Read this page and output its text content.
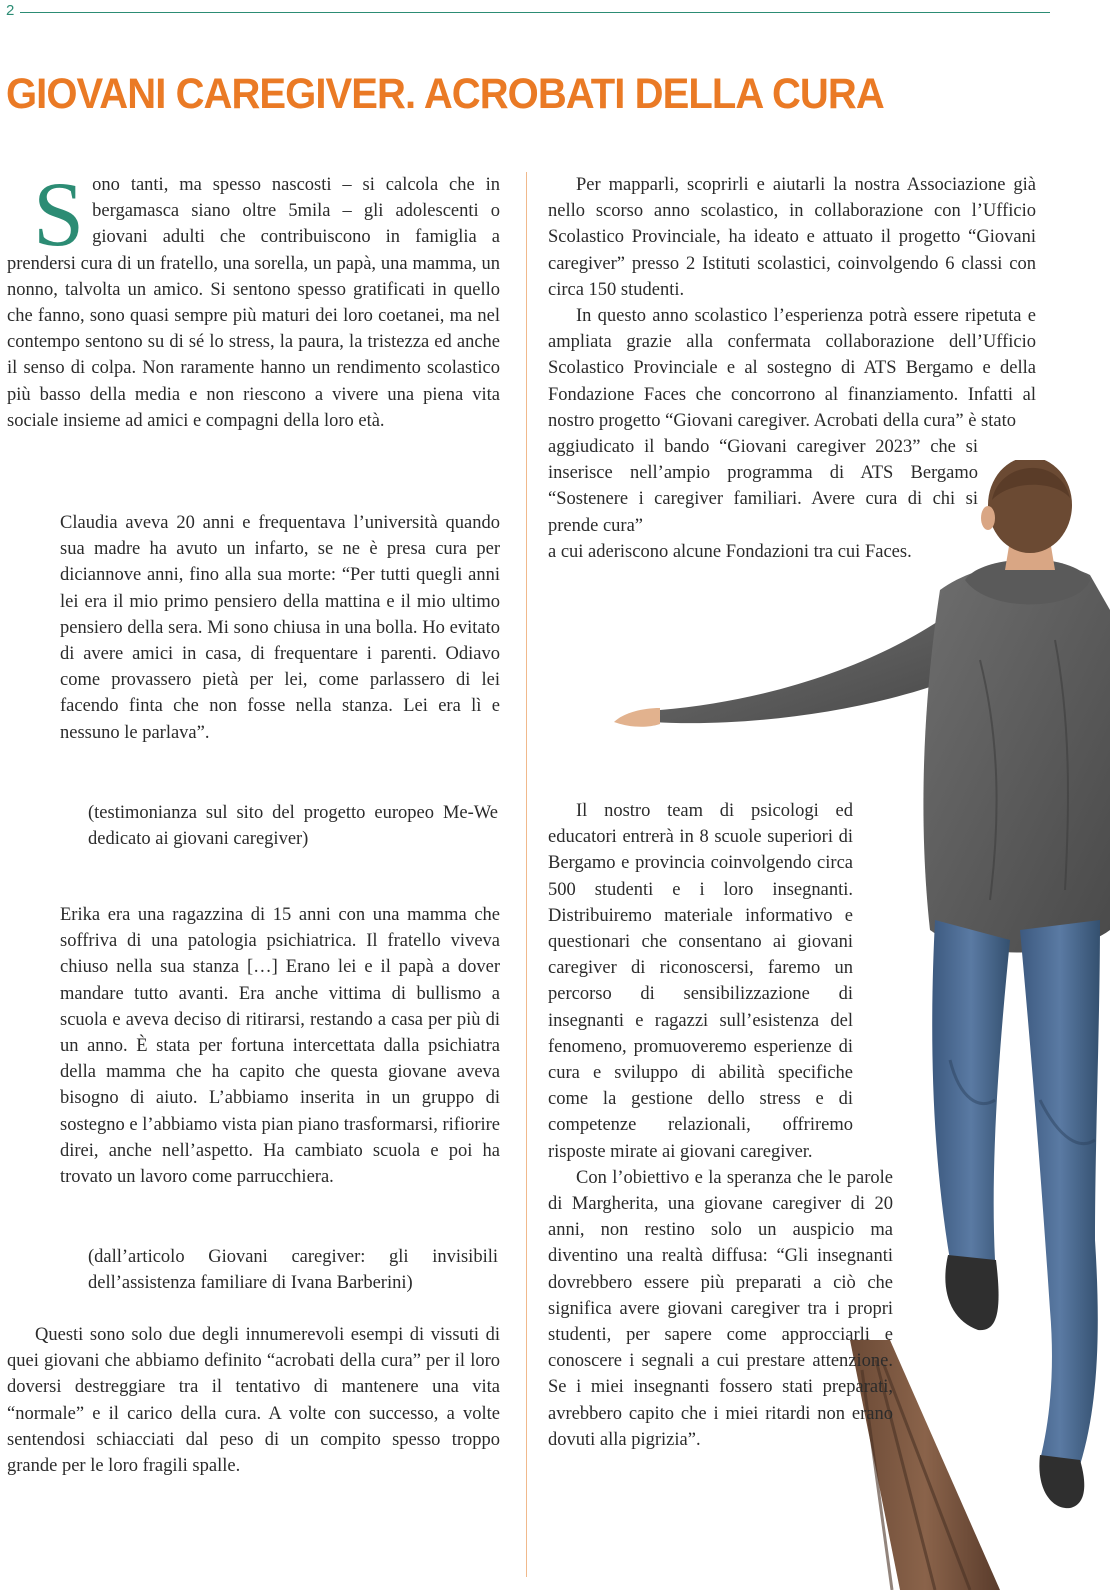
2
GIOVANI CAREGIVER. ACROBATI DELLA CURA
Sono tanti, ma spesso nascosti – si calcola che in bergamasca siano oltre 5mila – gli adolescenti o giovani adulti che contribuiscono in famiglia a prendersi cura di un fratello, una sorella, un papà, una mamma, un nonno, talvolta un amico. Si sentono spesso gratificati in quello che fanno, sono quasi sempre più maturi dei loro coetanei, ma nel contempo sentono su di sé lo stress, la paura, la tristezza ed anche il senso di colpa. Non raramente hanno un rendimento scolastico più basso della media e non riescono a vivere una piena vita sociale insieme ad amici e compagni della loro età.
Claudia aveva 20 anni e frequentava l’università quando sua madre ha avuto un infarto, se ne è presa cura per diciannove anni, fino alla sua morte: “Per tutti quegli anni lei era il mio primo pensiero della mattina e il mio ultimo pensiero della sera. Mi sono chiusa in una bolla. Ho evitato di avere amici in casa, di frequentare i parenti. Odiavo come provassero pietà per lei, come parlassero di lei facendo finta che non fosse nella stanza. Lei era lì e nessuno le parlava”.
(testimonianza sul sito del progetto europeo Me-We dedicato ai giovani caregiver)
Erika era una ragazzina di 15 anni con una mamma che soffriva di una patologia psichiatrica. Il fratello viveva chiuso nella sua stanza […] Erano lei e il papà a dover mandare tutto avanti. Era anche vittima di bullismo a scuola e aveva deciso di ritirarsi, restando a casa per più di un anno. È stata per fortuna intercettata dalla psichiatra della mamma che ha capito che questa giovane aveva bisogno di aiuto. L’abbiamo inserita in un gruppo di sostegno e l’abbiamo vista pian piano trasformarsi, rifiorire direi, anche nell’aspetto. Ha cambiato scuola e poi ha trovato un lavoro come parrucchiera.
(dall’articolo Giovani caregiver: gli invisibili dell’assistenza familiare di Ivana Barberini)

Questi sono solo due degli innumerevoli esempi di vissuti di quei giovani che abbiamo definito “acrobati della cura” per il loro doversi destreggiare tra il tentativo di mantenere una vita “normale” e il carico della cura. A volte con successo, a volte sentendosi schiacciati dal peso di un compito spesso troppo grande per le loro fragili spalle.

Per mapparli, scoprirli e aiutarli la nostra Associazione già nello scorso anno scolastico, in collaborazione con l’Ufficio Scolastico Provinciale, ha ideato e attuato il progetto “Giovani caregiver” presso 2 Istituti scolastici, coinvolgendo 6 classi con circa 150 studenti.

In questo anno scolastico l’esperienza potrà essere ripetuta e ampliata grazie alla confermata collaborazione dell’Ufficio Scolastico Provinciale e al sostegno di ATS Bergamo e della Fondazione Faces che concorrono al finanziamento. Infatti al nostro progetto “Giovani caregiver. Acrobati della cura” è stato

aggiudicato il bando “Giovani caregiver 2023” che si inserisce nell’ampio programma di ATS Bergamo “Sostenere i caregiver familiari. Avere cura di chi si prende cura”

a cui aderiscono alcune Fondazioni tra cui Faces.

Il nostro team di psicologi ed educatori entrerà in 8 scuole superiori di Bergamo e provincia coinvolgendo circa 500 studenti e i loro insegnanti. Distribuiremo materiale informativo e questionari che consentano ai giovani caregiver di riconoscersi, faremo un percorso di sensibilizzazione di insegnanti e ragazzi sull’esistenza del fenomeno, promuoveremo esperienze di cura e sviluppo di abilità specifiche come la gestione dello stress e di competenze relazionali, offriremo risposte mirate ai giovani caregiver.

Con l’obiettivo e la speranza che le parole di Margherita, una giovane caregiver di 20 anni, non restino solo un auspicio ma diventino una realtà diffusa: “Gli insegnanti dovrebbero essere più preparati a ciò che significa avere giovani caregiver tra i propri studenti, per sapere come approcciarli e conoscere i segnali a cui prestare attenzione. Se i miei insegnanti fossero stati preparati, avrebbero capito che i miei ritardi non erano dovuti alla pigrizia”.
